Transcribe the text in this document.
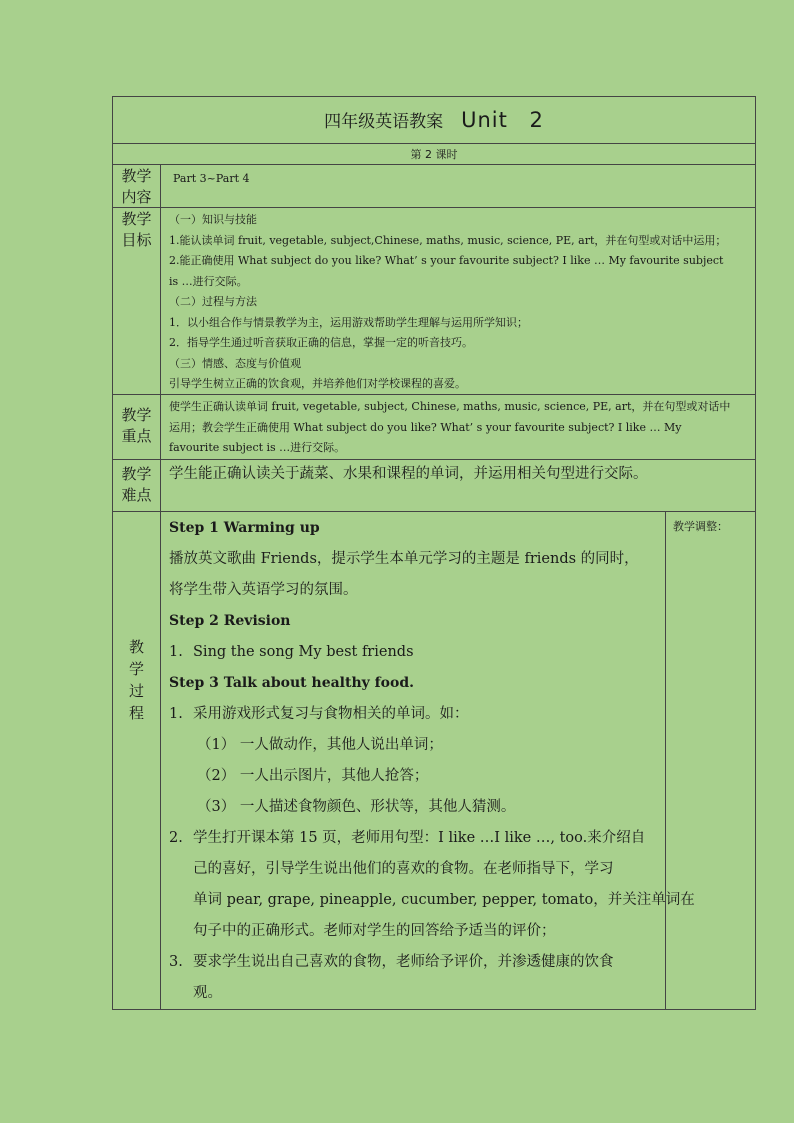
四年级英语教案 Unit 2
第 2 课时
教学
内容

Part 3~Part 4

教学
目标

（一）知识与技能
1.能认读单词 fruit, vegetable, subject,Chinese, maths, music, science, PE, art，并在句型或对话中运用；
2.能正确使用 What subject do you like? What’ s your favourite subject? I like … My favourite subject
is …进行交际。
（二）过程与方法
1．以小组合作与情景教学为主，运用游戏帮助学生理解与运用所学知识；
2．指导学生通过听音获取正确的信息，掌握一定的听音技巧。
（三）情感、态度与价值观
引导学生树立正确的饮食观，并培养他们对学校课程的喜爱。

教学
重点

使学生正确认读单词 fruit, vegetable, subject, Chinese, maths, music, science, PE, art，并在句型或对话中
运用；教会学生正确使用 What subject do you like? What’ s your favourite subject? I like … My
favourite subject is …进行交际。

教学
难点

学生能正确认读关于蔬菜、水果和课程的单词，并运用相关句型进行交际。

教
学
过
程
教学调整：

Step 1 Warming up
播放英文歌曲 Friends，提示学生本单元学习的主题是 friends 的同时，
将学生带入英语学习的氛围。
Step 2 Revision
1. Sing the song My best friends
Step 3 Talk about healthy food.
1. 采用游戏形式复习与食物相关的单词。如：
（1） 一人做动作，其他人说出单词；
（2） 一人出示图片，其他人抢答；
（3） 一人描述食物颜色、形状等，其他人猜测。
2. 学生打开课本第 15 页，老师用句型：I like …I like …, too.来介绍自
己的喜好，引导学生说出他们的喜欢的食物。在老师指导下，学习
单词 pear, grape, pineapple, cucumber, pepper, tomato，并关注单词在
句子中的正确形式。老师对学生的回答给予适当的评价；
3. 要求学生说出自己喜欢的食物，老师给予评价，并渗透健康的饮食
观。
